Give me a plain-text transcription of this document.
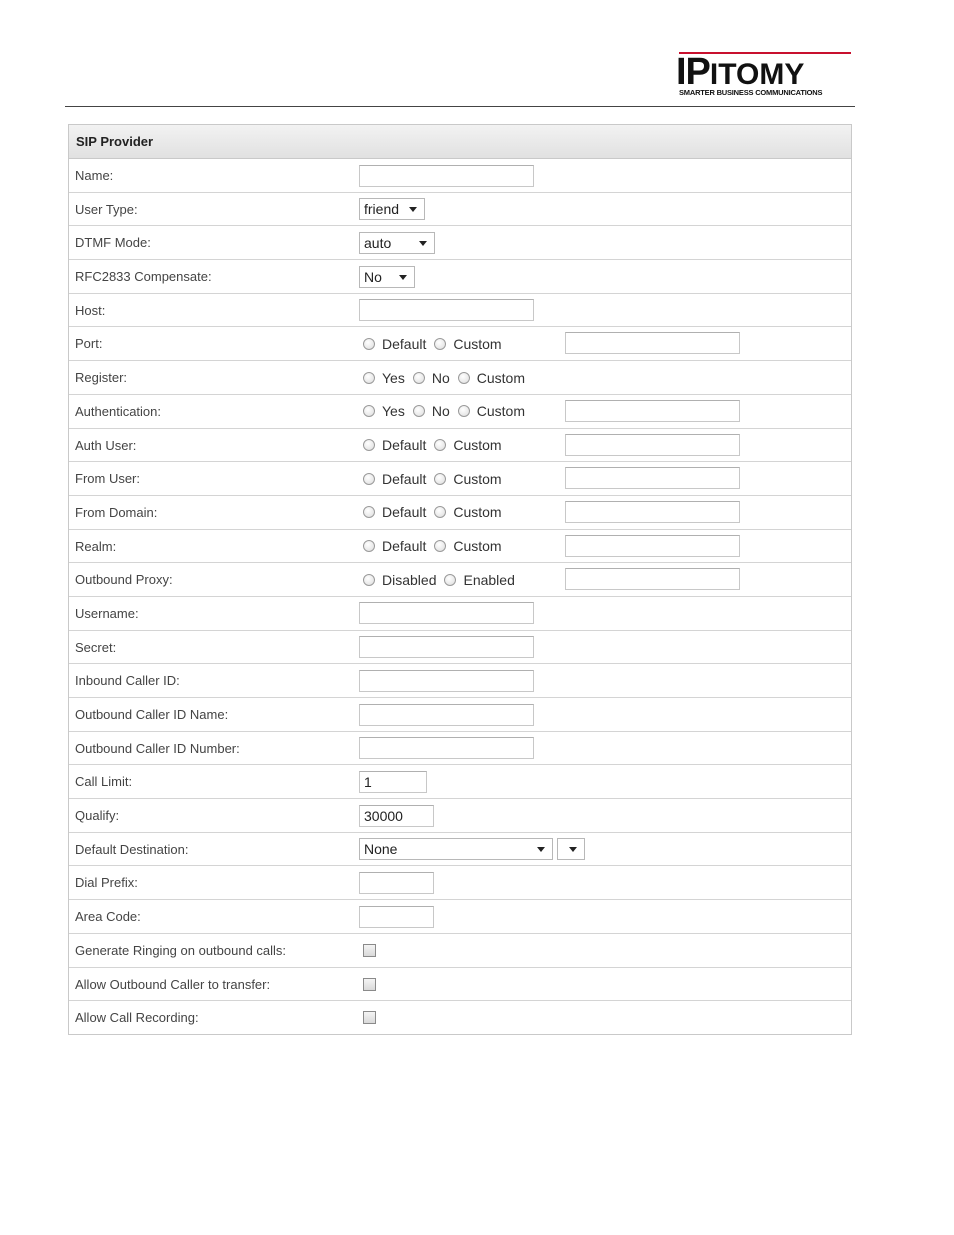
IPITOMY
SMARTER BUSINESS COMMUNICATIONS
SIP Provider
Name:
User Type:	friend
DTMF Mode:	auto
RFC2833 Compensate:	No
Host:
Port:	Default Custom
Register:	Yes No Custom
Authentication:	Yes No Custom
Auth User:	Default Custom
From User:	Default Custom
From Domain:	Default Custom
Realm:	Default Custom
Outbound Proxy:	Disabled Enabled
Username:
Secret:
Inbound Caller ID:
Outbound Caller ID Name:
Outbound Caller ID Number:
Call Limit:	1
Qualify:	30000
Default Destination:	None
Dial Prefix:
Area Code:
Generate Ringing on outbound calls:
Allow Outbound Caller to transfer:
Allow Call Recording:
